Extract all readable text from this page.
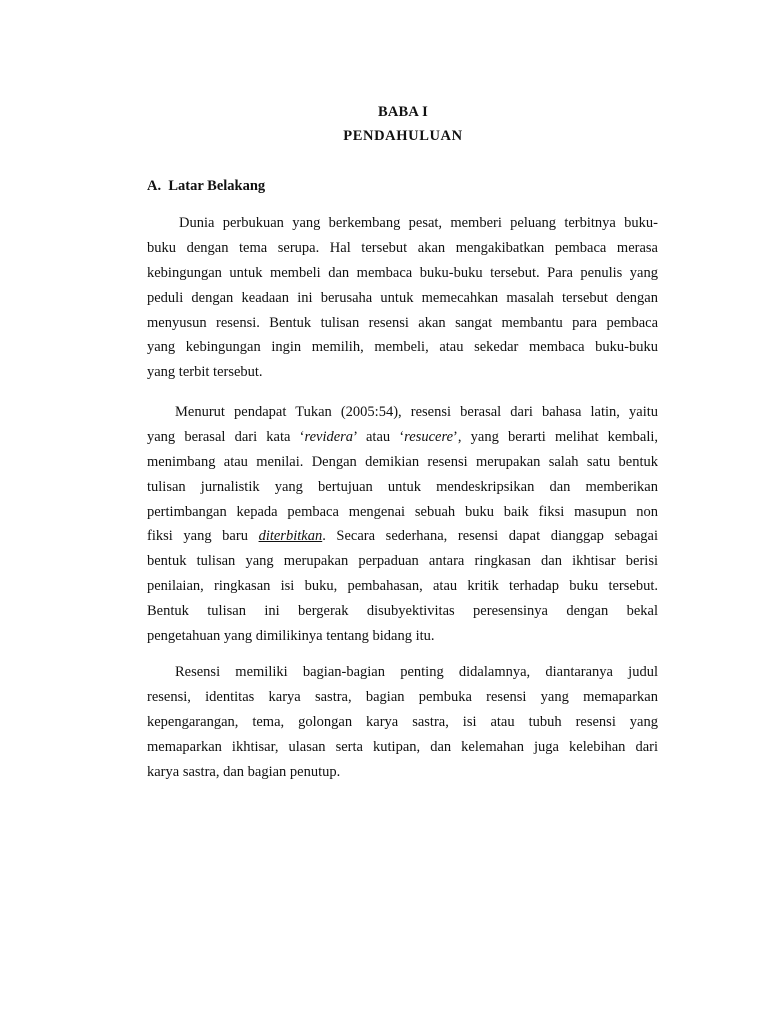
BABA I
PENDAHULUAN
A.  Latar Belakang
Dunia perbukuan yang berkembang pesat, memberi peluang terbitnya buku-
buku dengan tema serupa. Hal tersebut akan mengakibatkan pembaca merasa
kebingungan untuk membeli dan membaca buku-buku tersebut. Para penulis yang
peduli dengan keadaan ini berusaha untuk memecahkan masalah tersebut dengan
menyusun resensi. Bentuk tulisan resensi akan sangat membantu para pembaca
yang kebingungan ingin memilih, membeli, atau sekedar membaca buku-buku
yang terbit tersebut.
Menurut pendapat Tukan (2005:54), resensi berasal dari bahasa latin, yaitu
yang berasal dari kata ‘revidera’ atau ‘resucere’, yang berarti melihat kembali,
menimbang atau menilai. Dengan demikian resensi merupakan salah satu bentuk
tulisan jurnalistik yang bertujuan untuk mendeskripsikan dan memberikan
pertimbangan kepada pembaca mengenai sebuah buku baik fiksi masupun non
fiksi yang baru diterbitkan. Secara sederhana, resensi dapat dianggap sebagai
bentuk tulisan yang merupakan perpaduan antara ringkasan dan ikhtisar berisi
penilaian, ringkasan isi buku, pembahasan, atau kritik terhadap buku tersebut.
Bentuk tulisan ini bergerak disubyektivitas peresensinya dengan bekal
pengetahuan yang dimilikinya tentang bidang itu.
Resensi memiliki bagian-bagian penting didalamnya, diantaranya judul
resensi, identitas karya sastra, bagian pembuka resensi yang memaparkan
kepengarangan, tema, golongan karya sastra, isi atau tubuh resensi yang
memaparkan ikhtisar, ulasan serta kutipan, dan kelemahan juga kelebihan dari
karya sastra, dan bagian penutup.
